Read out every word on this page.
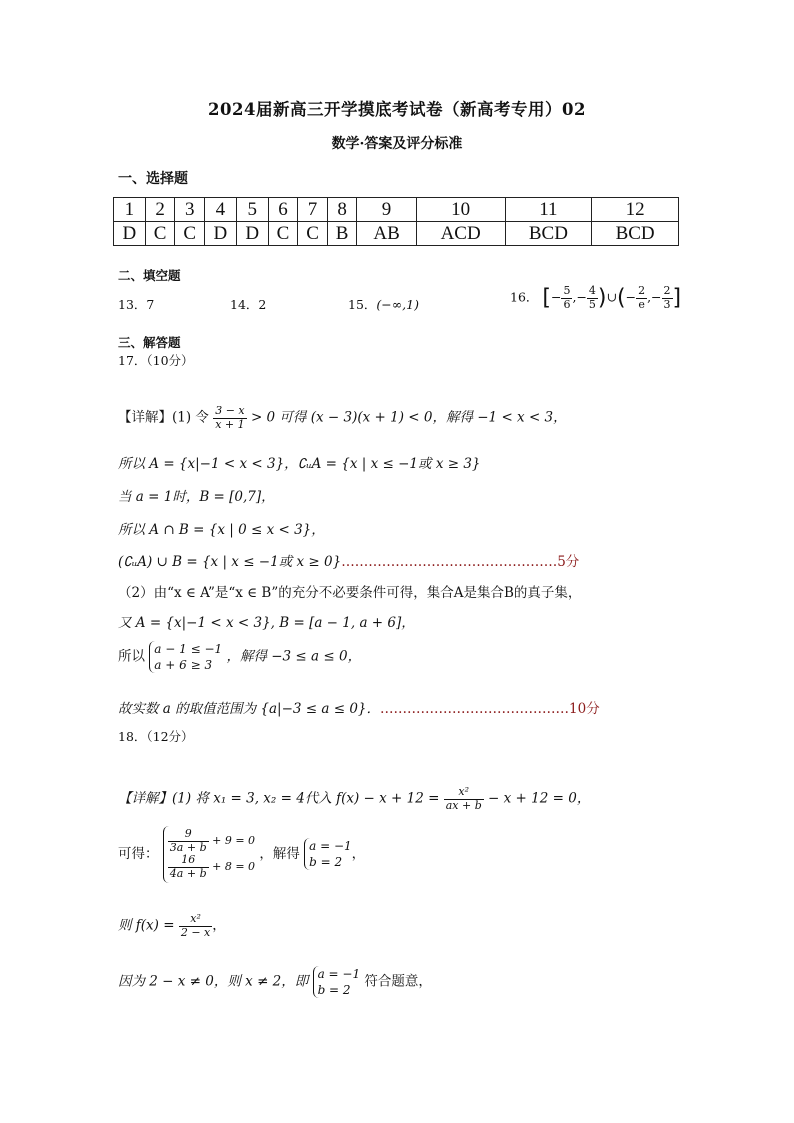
2024届新高三开学摸底考试卷（新高考专用）02
数学·答案及评分标准
一、选择题
1	2	3	4	5	6	7	8	9	10	11	12
D	C	C	D	D	C	C	B	AB	ACD	BCD	BCD
二、填空题
13．7	14．2	15．(−∞,1)	16． [− $\frac{5}{6}$ ,− $\frac{4}{5}$ )∪(− $\frac{2}{e}$ ,− $\frac{2}{3}$ ]
三、解答题
17．（10分）
【详解】(1) 令 $\frac{3 - x}{x + 1} > 0$ 可得 (x − 3)(x + 1) < 0，解得 −1 < x < 3，
所以 A = {x|−1 < x < 3}，∁ᵤA = {x | x ≤ −1或 x ≥ 3}
当 a = 1时，B = [0,7]，
所以 A ∩ B = {x | 0 ≤ x < 3}，
(∁ᵤA) ∪ B = {x | x ≤ −1或 x ≥ 0}…………………………………………5分
（2）由“x ∈ A”是“x ∈ B”的充分不必要条件可得，集合A是集合B的真子集，
又 A = {x|−1 < x < 3}, B = [a − 1, a + 6]，
所以 a − 1 ≤ −1
a + 6 ≥ 3
，解得 −3 ≤ a ≤ 0，
故实数 a 的取值范围为 {a|−3 ≤ a ≤ 0}．……………………………………10分
18．（12分）
【详解】(1) 将 x₁ = 3, x₂ = 4代入 $f(x) - x + 12 = \frac{\text{x²}}{ax + b} - x + 12 = 0$，
可得： $\frac{9}{3a + b} + 9 = 0$
$\frac{16}{4a + b} + 8 = 0$
，解得 a = −1
b = 2
，
则 $f(x) = \frac{\text{x²}}{2 - x}$ ，
因为 2 − x ≠ 0，则 x ≠ 2，即 a = −1
b = 2
符合题意，
